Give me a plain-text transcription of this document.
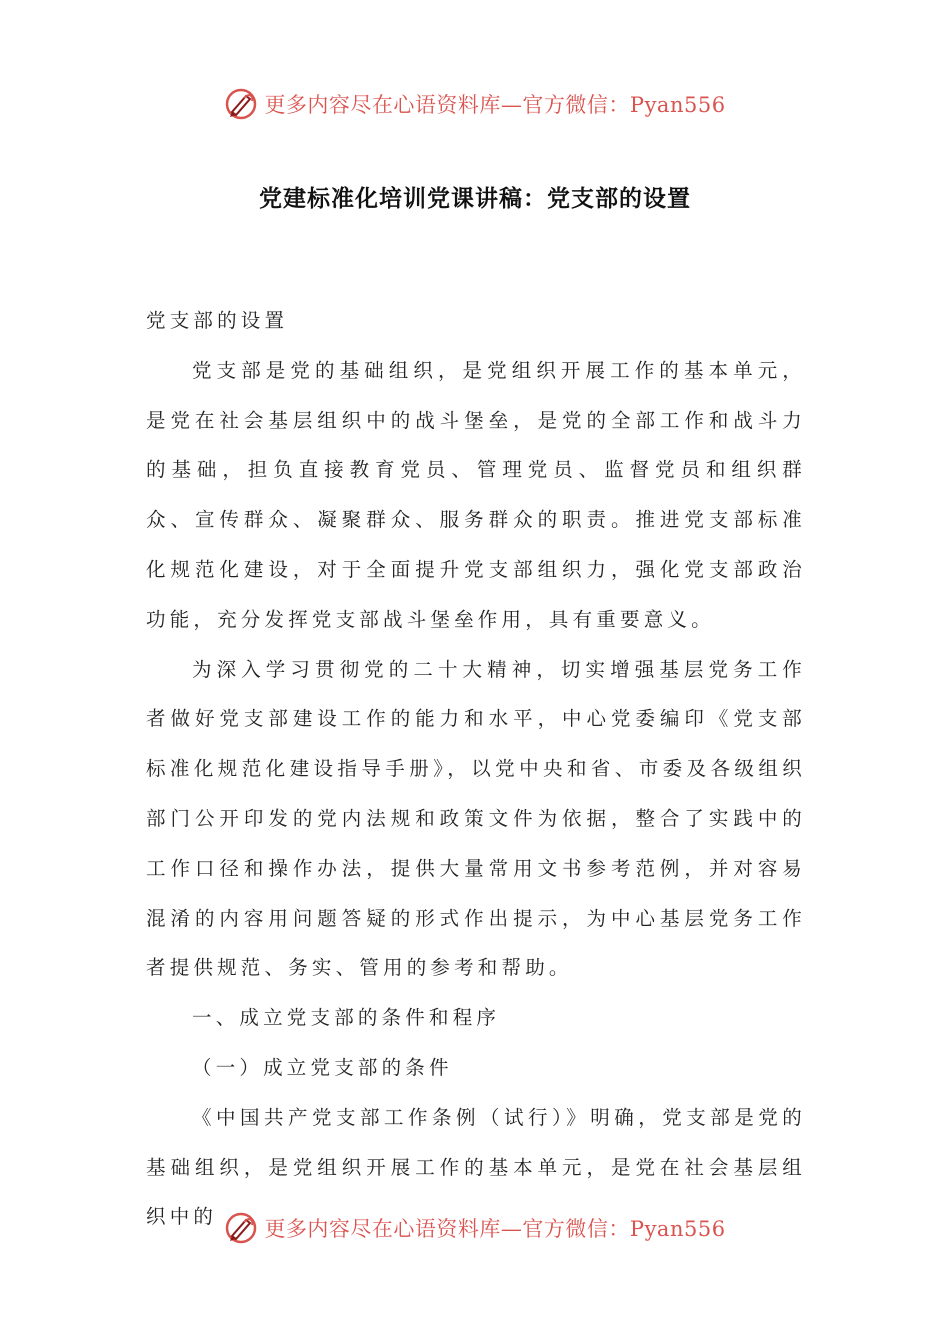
更多内容尽在心语资料库—官方微信：Pyan556
党建标准化培训党课讲稿：党支部的设置

党支部的设置

党支部是党的基础组织，是党组织开展工作的基本单元，是党在社会基层组织中的战斗堡垒，是党的全部工作和战斗力的基础，担负直接教育党员、管理党员、监督党员和组织群众、宣传群众、凝聚群众、服务群众的职责。推进党支部标准化规范化建设，对于全面提升党支部组织力，强化党支部政治功能，充分发挥党支部战斗堡垒作用，具有重要意义。

为深入学习贯彻党的二十大精神，切实增强基层党务工作者做好党支部建设工作的能力和水平，中心党委编印《党支部标准化规范化建设指导手册》，以党中央和省、市委及各级组织部门公开印发的党内法规和政策文件为依据，整合了实践中的工作口径和操作办法，提供大量常用文书参考范例，并对容易混淆的内容用问题答疑的形式作出提示，为中心基层党务工作者提供规范、务实、管用的参考和帮助。

一、成立党支部的条件和程序

（一）成立党支部的条件

《中国共产党支部工作条例（试行）》明确，党支部是党的基础组织，是党组织开展工作的基本单元，是党在社会基层组织中的

更多内容尽在心语资料库—官方微信：Pyan556
